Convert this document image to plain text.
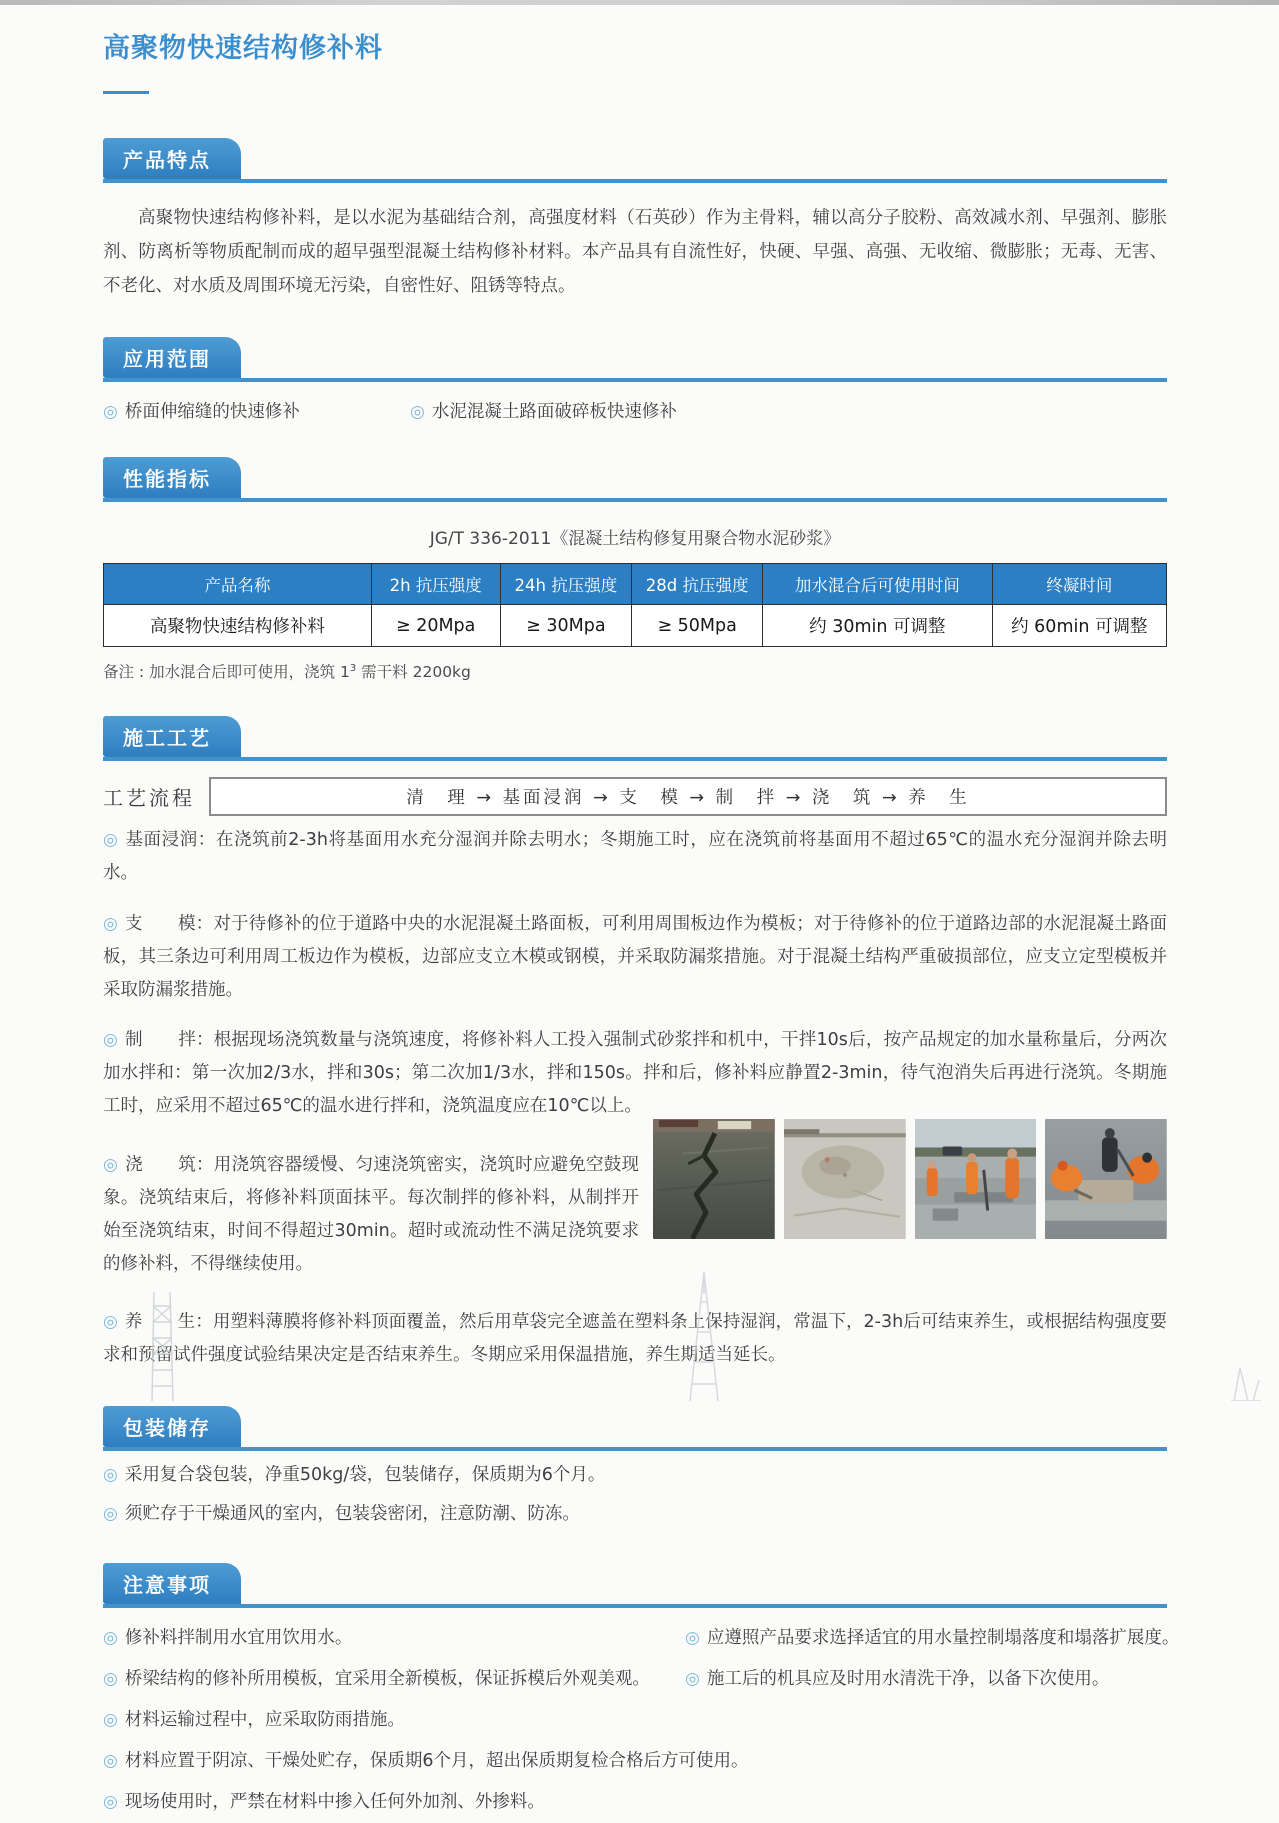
高聚物快速结构修补料
产品特点

高聚物快速结构修补料，是以水泥为基础结合剂，高强度材料（石英砂）作为主骨料，辅以高分子胶粉、高效减水剂、早强剂、膨胀剂、防离析等物质配制而成的超早强型混凝土结构修补材料。本产品具有自流性好，快硬、早强、高强、无收缩、微膨胀；无毒、无害、不老化、对水质及周围环境无污染，自密性好、阻锈等特点。

应用范围
◎ 桥面伸缩缝的快速修补	◎ 水泥混凝土路面破碎板快速修补
性能指标
JG/T 336-2011《混凝土结构修复用聚合物水泥砂浆》
产品名称	2h 抗压强度	24h 抗压强度	28d 抗压强度	加水混合后可使用时间	终凝时间
高聚物快速结构修补料	≥ 20Mpa	≥ 30Mpa	≥ 50Mpa	约 30min 可调整	约 60min 可调整
备注 : 加水混合后即可使用，浇筑 $1^3$ 需干料 2200kg
施工工艺
工艺流程	清　理 → 基面浸润 → 支　模 → 制　拌 → 浇　筑 → 养　生

◎ 基面浸润：在浇筑前2-3h将基面用水充分湿润并除去明水；冬期施工时，应在浇筑前将基面用不超过65℃的温水充分湿润并除去明水。

◎ 支　　模：对于待修补的位于道路中央的水泥混凝土路面板，可利用周围板边作为模板；对于待修补的位于道路边部的水泥混凝土路面板，其三条边可利用周工板边作为模板，边部应支立木模或钢模，并采取防漏浆措施。对于混凝土结构严重破损部位，应支立定型模板并采取防漏浆措施。

◎ 制　　拌：根据现场浇筑数量与浇筑速度，将修补料人工投入强制式砂浆拌和机中，干拌10s后，按产品规定的加水量称量后，分两次加水拌和：第一次加2/3水，拌和30s；第二次加1/3水，拌和150s。拌和后，修补料应静置2-3min，待气泡消失后再进行浇筑。冬期施工时，应采用不超过65℃的温水进行拌和，浇筑温度应在10℃以上。

◎ 浇　　筑：用浇筑容器缓慢、匀速浇筑密实，浇筑时应避免空鼓现象。浇筑结束后，将修补料顶面抹平。每次制拌的修补料，从制拌开始至浇筑结束，时间不得超过30min。超时或流动性不满足浇筑要求的修补料，不得继续使用。

◎ 养　　生：用塑料薄膜将修补料顶面覆盖，然后用草袋完全遮盖在塑料条上保持湿润，常温下，2-3h后可结束养生，或根据结构强度要求和预留试件强度试验结果决定是否结束养生。冬期应采用保温措施，养生期适当延长。

包装储存
◎ 采用复合袋包装，净重50kg/袋，包装储存，保质期为6个月。
◎ 须贮存于干燥通风的室内，包装袋密闭，注意防潮、防冻。
注意事项
◎ 修补料拌制用水宜用饮用水。
◎ 桥梁结构的修补所用模板，宜采用全新模板，保证拆模后外观美观。
◎ 材料运输过程中，应采取防雨措施。
◎ 材料应置于阴凉、干燥处贮存，保质期6个月，超出保质期复检合格后方可使用。
◎ 现场使用时，严禁在材料中掺入任何外加剂、外掺料。
◎ 应遵照产品要求选择适宜的用水量控制塌落度和塌落扩展度。
◎ 施工后的机具应及时用水清洗干净，以备下次使用。
